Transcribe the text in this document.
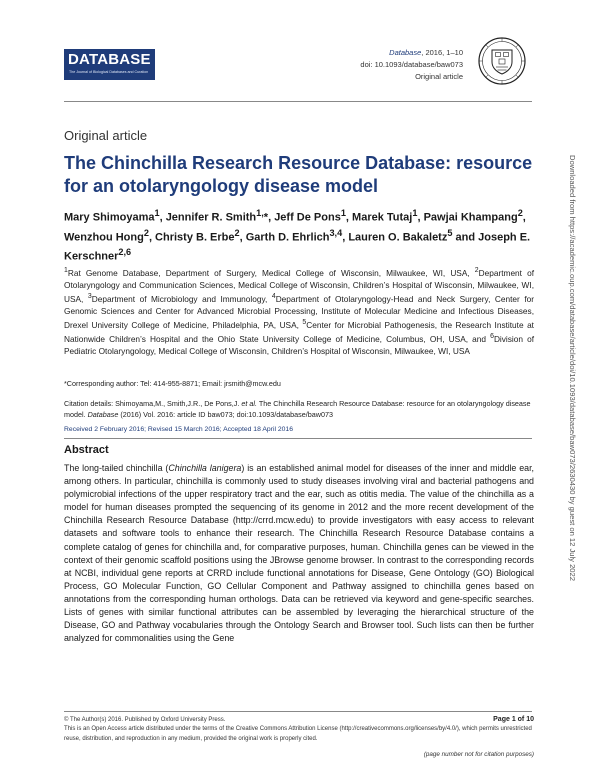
DATABASE
The Journal of Biological Databases and Curation
Database, 2016, 1–10
doi: 10.1093/database/baw073
Original article
Original article
The Chinchilla Research Resource Database: resource for an otolaryngology disease model
Mary Shimoyama$^1$, Jennifer R. Smith$^{1,}$*, Jeff De Pons$^1$, Marek Tutaj$^1$, Pawjai Khampang$^2$, Wenzhou Hong$^2$, Christy B. Erbe$^2$, Garth D. Ehrlich$^{3,4}$, Lauren O. Bakaletz$^5$ and Joseph E. Kerschner$^{2,6}$
$^1$Rat Genome Database, Department of Surgery, Medical College of Wisconsin, Milwaukee, WI, USA, $^2$Department of Otolaryngology and Communication Sciences, Medical College of Wisconsin, Children’s Hospital of Wisconsin, Milwaukee, WI, USA, $^3$Department of Microbiology and Immunology, $^4$Department of Otolaryngology-Head and Neck Surgery, Center for Genomic Sciences and Center for Advanced Microbial Processing, Institute of Molecular Medicine and Infectious Diseases, Drexel University College of Medicine, Philadelphia, PA, USA, $^5$Center for Microbial Pathogenesis, the Research Institute at Nationwide Children’s Hospital and the Ohio State University College of Medicine, Columbus, OH, USA, and $^6$Division of Pediatric Otolaryngology, Medical College of Wisconsin, Children’s Hospital of Wisconsin, Milwaukee, WI, USA
*Corresponding author: Tel: 414-955-8871; Email: jrsmith@mcw.edu
Citation details: Shimoyama,M., Smith,J.R., De Pons,J. et al. The Chinchilla Research Resource Database: resource for an otolaryngology disease model. Database (2016) Vol. 2016: article ID baw073; doi:10.1093/database/baw073
Received 2 February 2016; Revised 15 March 2016; Accepted 18 April 2016
Abstract
The long-tailed chinchilla (Chinchilla lanigera) is an established animal model for diseases of the inner and middle ear, among others. In particular, chinchilla is commonly used to study diseases involving viral and bacterial pathogens and polymicrobial infections of the upper respiratory tract and the ear, such as otitis media. The value of the chinchilla as a model for human diseases prompted the sequencing of its genome in 2012 and the more recent development of the Chinchilla Research Resource Database (http://crrd.mcw.edu) to provide investigators with easy access to relevant datasets and software tools to enhance their research. The Chinchilla Research Resource Database contains a complete catalog of genes for chinchilla and, for comparative purposes, human. Chinchilla genes can be viewed in the context of their genomic scaffold positions using the JBrowse genome browser. In contrast to the corresponding records at NCBI, individual gene reports at CRRD include functional annotations for Disease, Gene Ontology (GO) Biological Process, GO Molecular Function, GO Cellular Component and Pathway assigned to chinchilla genes based on annotations from the corresponding human orthologs. Data can be retrieved via keyword and gene-specific searches. Lists of genes with similar functional attributes can be assembled by leveraging the hierarchical structure of the Disease, GO and Pathway vocabularies through the Ontology Search and Browser tool. Such lists can then be further analyzed for commonalities using the Gene
© The Author(s) 2016. Published by Oxford University Press.
This is an Open Access article distributed under the terms of the Creative Commons Attribution License (http://creativecommons.org/licenses/by/4.0/), which permits unrestricted reuse, distribution, and reproduction in any medium, provided the original work is properly cited.
Page 1 of 10
(page number not for citation purposes)
Downloaded from https://academic.oup.com/database/article/doi/10.1093/database/baw073/2630430 by guest on 12 July 2022
